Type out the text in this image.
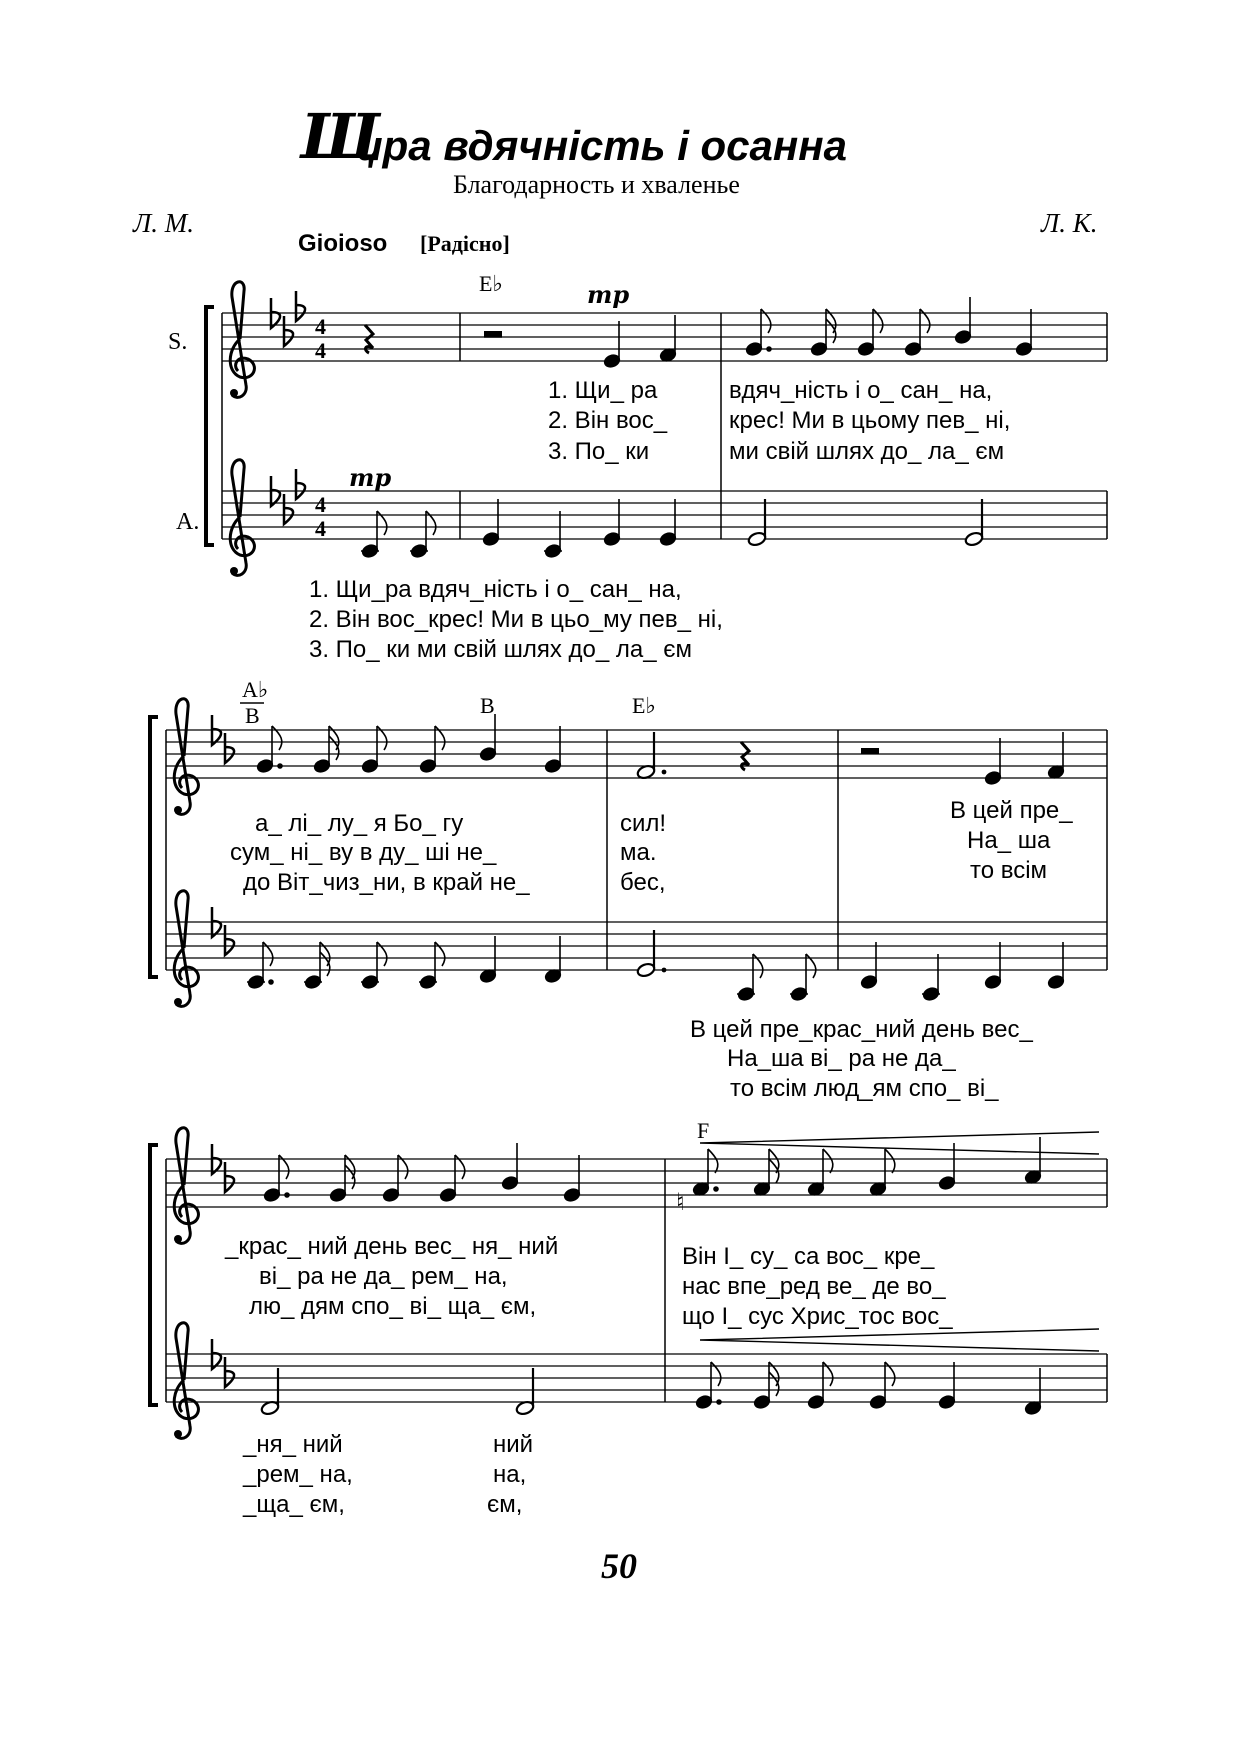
Щ
ира вдячність і осанна
Благодарность и хваленье
Л. М.	Л. К.
Gioioso [Радісно]
S.
A.
4
4
4
4
mp
E♭
1. Щи_ ра
2. Він вос_
3. По_ ки
вдяч_ність і о_ сан_ на,
крес! Ми в цьому пев_ ні,
ми свій шлях до_ ла_ єм
mp
1. Щи_ра вдяч_ність і о_ сан_ на,
2. Він вос_крес! Ми в цьо_му пев_ ні,
3. По_ ки ми свій шлях до_ ла_ єм
A♭
B	B	E♭
а_ лі_ лу_ я Бо_ гу
сум_ ні_ ву в ду_ ші не_
до Віт_чиз_ни, в край не_
сил!
ма.
бес,
В цей пре_
На_ ша
то всім
В цей пре_крас_ний день вес_
На_ша ві_ ра не да_
то всім люд_ям спо_ ві_
F
♮
_крас_ ний день вес_ ня_ ний
ві_ ра не да_ рем_ на,
лю_ дям спо_ ві_ ща_ єм,
Він І_ су_ са вос_ кре_
нас впе_ред ве_ де во_
що І_ сус Хрис_тос вос_
_ня_ ний
_рем_ на,
_ща_ єм,
ний
на,
єм,
50
